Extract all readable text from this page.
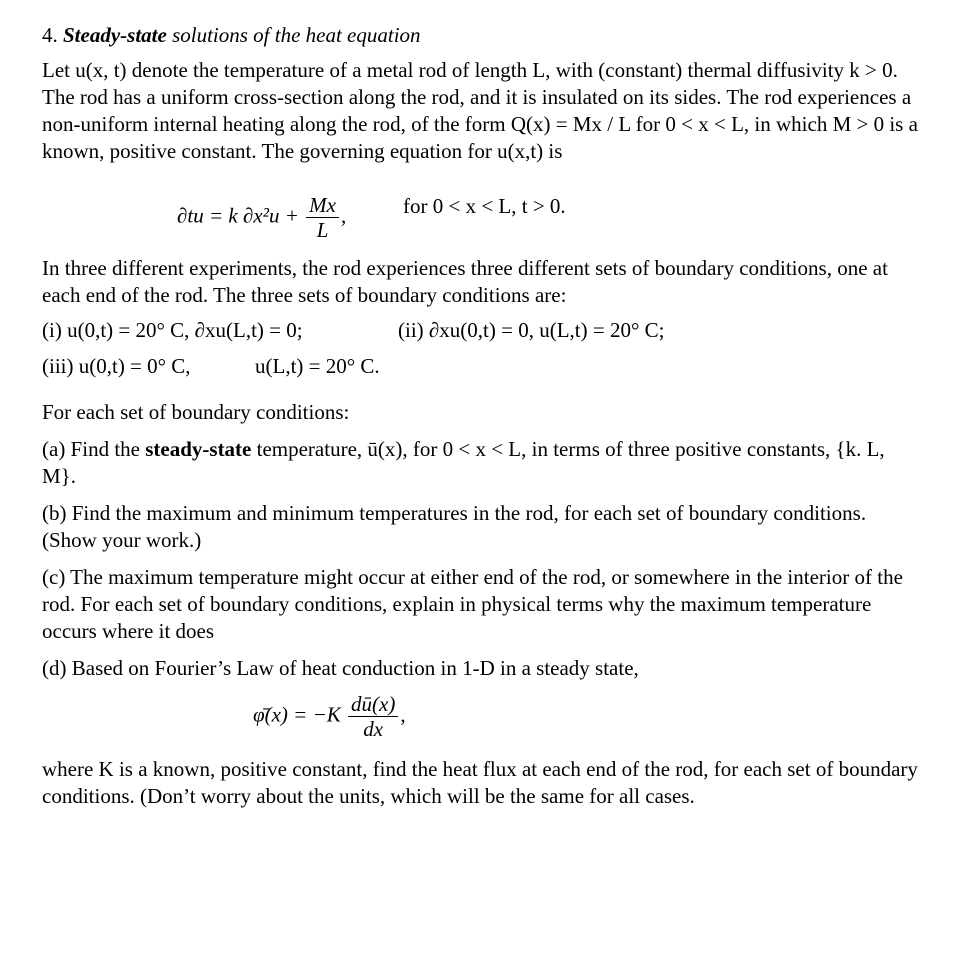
4. Steady-state solutions of the heat equation

Let u(x, t) denote the temperature of a metal rod of length L, with (constant) thermal diffusivity k > 0. The rod has a uniform cross-section along the rod, and it is insulated on its sides. The rod experiences a non-uniform internal heating along the rod, of the form Q(x) = Mx / L for 0 < x < L, in which M > 0 is a known, positive constant. The governing equation for u(x,t) is

∂tu = k $\partial x^2u + \frac{Mx}{L}$ ,	for 0 < x < L, t > 0.

In three different experiments, the rod experiences three different sets of boundary conditions, one at each end of the rod. The three sets of boundary conditions are:

(i) u(0,t) = 20° C, ∂xu(L,t) = 0;	(ii) ∂xu(0,t) = 0, u(L,t) = 20° C;
(iii) u(0,t) = 0° C,	u(L,t) = 20° C.

For each set of boundary conditions:

(a) Find the steady-state temperature, ū(x), for 0 < x < L, in terms of three positive constants, {k. L, M}.

(b) Find the maximum and minimum temperatures in the rod, for each set of boundary conditions. (Show your work.)

(c) The maximum temperature might occur at either end of the rod, or somewhere in the interior of the rod. For each set of boundary conditions, explain in physical terms why the maximum temperature occurs where it does

(d) Based on Fourier’s Law of heat conduction in 1-D in a steady state,

φ̄(x) = $-K \frac{dū(x)}{dx}$ ,

where K is a known, positive constant, find the heat flux at each end of the rod, for each set of boundary conditions. (Don’t worry about the units, which will be the same for all cases.
